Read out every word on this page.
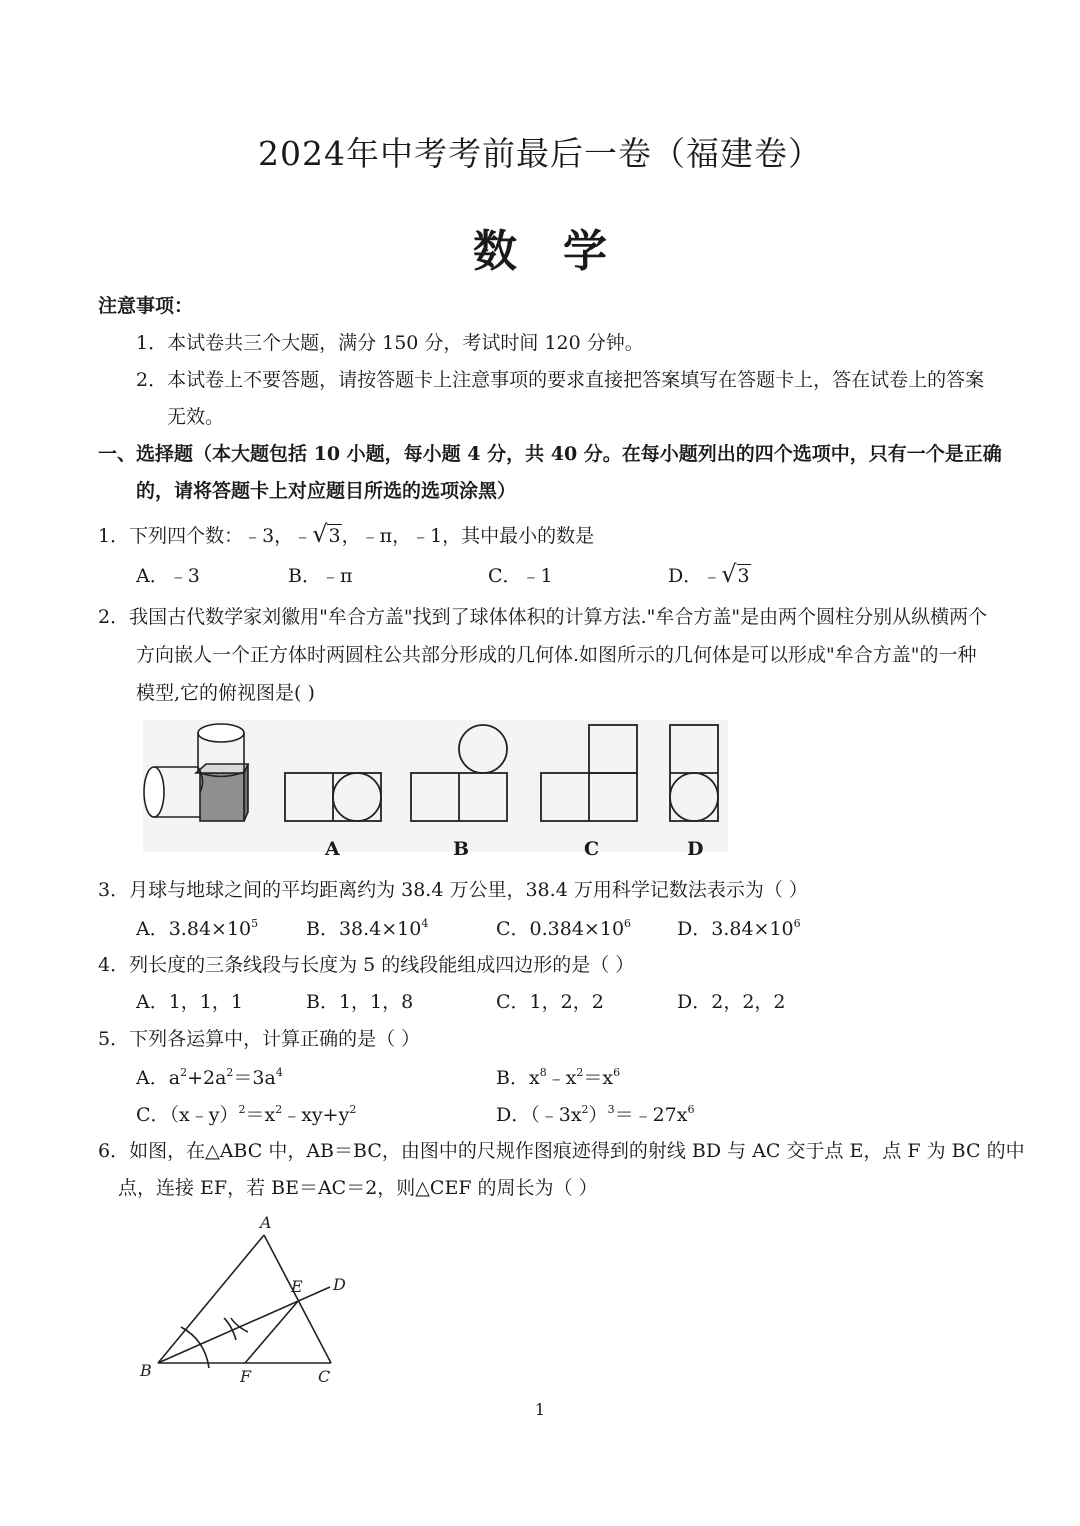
2024年中考考前最后一卷（福建卷）
数学
注意事项：
1．本试卷共三个大题，满分 150 分，考试时间 120 分钟。
2．本试卷上不要答题，请按答题卡上注意事项的要求直接把答案填写在答题卡上，答在试卷上的答案
无效。
一、选择题（本大题包括 10 小题，每小题 4 分，共 40 分。在每小题列出的四个选项中，只有一个是正确
的，请将答题卡上对应题目所选的选项涂黑）
1．下列四个数：﹣3，﹣√3，﹣π，﹣1，其中最小的数是
A．﹣3	B．﹣π	C．﹣1	D．﹣√3
2．我国古代数学家刘徽用"牟合方盖"找到了球体体积的计算方法."牟合方盖"是由两个圆柱分别从纵横两个
方向嵌人一个正方体时两圆柱公共部分形成的几何体.如图所示的几何体是可以形成"牟合方盖"的一种
模型,它的俯视图是( )
A	B	C	D
3．月球与地球之间的平均距离约为 38.4 万公里，38.4 万用科学记数法表示为（ ）
A．$3.84\times 10^5$	B．$38.4\times 10^4$	C．$0.384\times 10^6$ D．$3.84\times 10^6$
4．列长度的三条线段与长度为 5 的线段能组成四边形的是（ ）
A．1，1，1	B．1，1，8	C．1，2，2	D．2，2，2
5．下列各运算中，计算正确的是（ ）
A．$a^2+2a^2=3a^4$	B．$x^8﹣x^2=x^6$
C．$(x﹣y)^2=x^2﹣xy+y^2$	D．$(﹣3x^2)^3=﹣27x^6$
6．如图，在△ABC 中，AB＝BC，由图中的尺规作图痕迹得到的射线 BD 与 AC 交于点 E，点 F 为 BC 的中
点，连接 EF，若 BE＝AC＝2，则△CEF 的周长为（ ）
A
B	C
D
E
F
1
